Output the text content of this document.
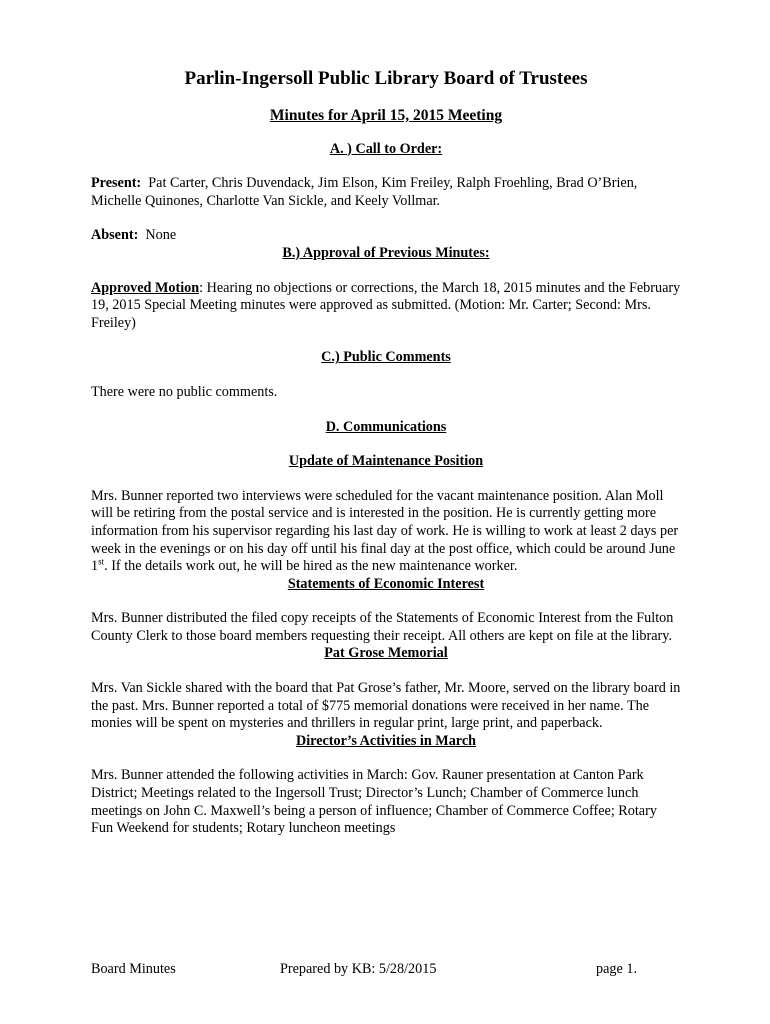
Parlin-Ingersoll Public Library Board of Trustees
Minutes for April 15, 2015 Meeting
A. ) Call to Order:

Present: Pat Carter, Chris Duvendack, Jim Elson, Kim Freiley, Ralph Froehling, Brad O’Brien, Michelle Quinones, Charlotte Van Sickle, and Keely Vollmar.

Absent: None

B.) Approval of Previous Minutes:

Approved Motion: Hearing no objections or corrections, the March 18, 2015 minutes and the February 19, 2015 Special Meeting minutes were approved as submitted. (Motion: Mr. Carter; Second: Mrs. Freiley)

C.) Public Comments

There were no public comments.

D. Communications
Update of Maintenance Position

Mrs. Bunner reported two interviews were scheduled for the vacant maintenance position. Alan Moll will be retiring from the postal service and is interested in the position. He is currently getting more information from his supervisor regarding his last day of work. He is willing to work at least 2 days per week in the evenings or on his day off until his final day at the post office, which could be around June 1st. If the details work out, he will be hired as the new maintenance worker.

Statements of Economic Interest

Mrs. Bunner distributed the filed copy receipts of the Statements of Economic Interest from the Fulton County Clerk to those board members requesting their receipt. All others are kept on file at the library.

Pat Grose Memorial

Mrs. Van Sickle shared with the board that Pat Grose’s father, Mr. Moore, served on the library board in the past. Mrs. Bunner reported a total of $775 memorial donations were received in her name. The monies will be spent on mysteries and thrillers in regular print, large print, and paperback.

Director’s Activities in March

Mrs. Bunner attended the following activities in March: Gov. Rauner presentation at Canton Park District; Meetings related to the Ingersoll Trust; Director’s Lunch; Chamber of Commerce lunch meetings on John C. Maxwell’s being a person of influence; Chamber of Commerce Coffee; Rotary Fun Weekend for students; Rotary luncheon meetings

Board Minutes	Prepared by KB: 5/28/2015	page 1.
